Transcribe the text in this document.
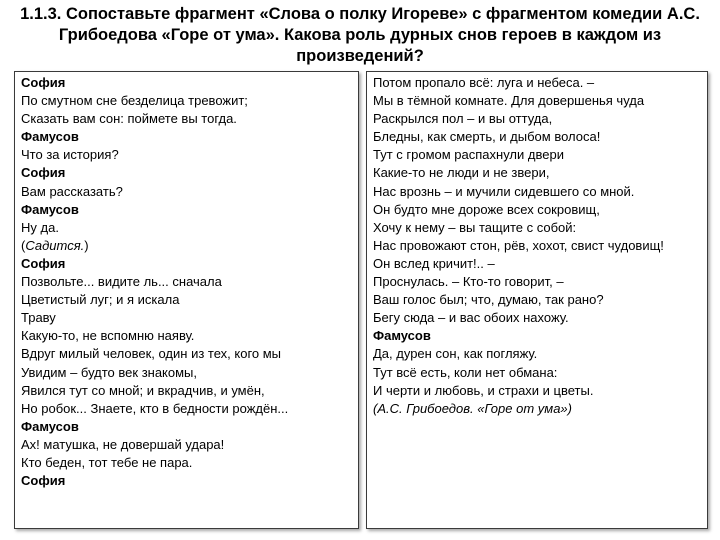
1.1.3. Сопоставьте фрагмент «Слова о полку Игореве» с фрагментом комедии А.С.
Грибоедова «Горе от ума». Какова роль дурных снов героев в каждом из
произведений?
София
По смутном сне безделица тревожит;
Сказать вам сон: поймете вы тогда.
Фамусов
Что за история?
София
Вам рассказать?
Фамусов
Ну да.
(Садится.)
София
Позвольте... видите ль... сначала
Цветистый луг; и я искала
Траву
Какую-то, не вспомню наяву.
Вдруг милый человек, один из тех, кого мы
Увидим – будто век знакомы,
Явился тут со мной; и вкрадчив, и умён,
Но робок... Знаете, кто в бедности рождён...
Фамусов
Ах! матушка, не довершай удара!
Кто беден, тот тебе не пара.
София
Потом пропало всё: луга и небеса. –
Мы в тёмной комнате. Для довершенья чуда
Раскрылся пол – и вы оттуда,
Бледны, как смерть, и дыбом волоса!
Тут с громом распахнули двери
Какие-то не люди и не звери,
Нас врознь – и мучили сидевшего со мной.
Он будто мне дороже всех сокровищ,
Хочу к нему – вы тащите с собой:
Нас провожают стон, рёв, хохот, свист чудовищ!
Он вслед кричит!.. –
Проснулась. – Кто-то говорит, –
Ваш голос был; что, думаю, так рано?
Бегу сюда – и вас обоих нахожу.
Фамусов
Да, дурен сон, как погляжу.
Тут всё есть, коли нет обмана:
И черти и любовь, и страхи и цветы.
(А.С. Грибоедов. «Горе от ума»)
